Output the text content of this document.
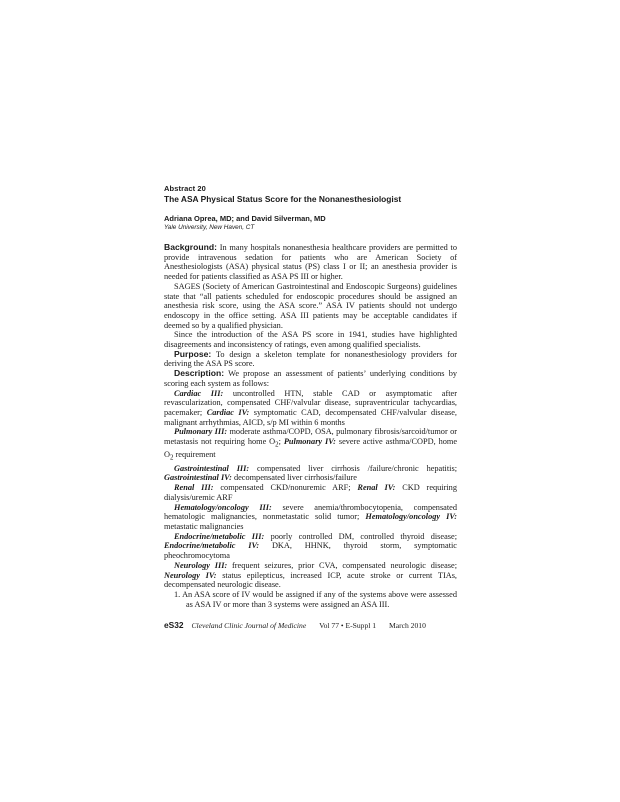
Abstract 20
The ASA Physical Status Score for the Nonanesthesiologist
Adriana Oprea, MD; and David Silverman, MD
Yale University, New Haven, CT

Background: In many hospitals nonanesthesia healthcare providers are permitted to provide intravenous sedation for patients who are American Society of Anesthesiologists (ASA) physical status (PS) class I or II; an anesthesia provider is needed for patients classified as ASA PS III or higher.

SAGES (Society of American Gastrointestinal and Endoscopic Surgeons) guidelines state that “all patients scheduled for endoscopic procedures should be assigned an anesthesia risk score, using the ASA score.” ASA IV patients should not undergo endoscopy in the office setting. ASA III patients may be acceptable candidates if deemed so by a qualified physician.

Since the introduction of the ASA PS score in 1941, studies have highlighted disagreements and inconsistency of ratings, even among qualified specialists.

Purpose: To design a skeleton template for nonanesthesiology providers for deriving the ASA PS score.

Description: We propose an assessment of patients’ underlying conditions by scoring each system as follows:

Cardiac III: uncontrolled HTN, stable CAD or asymptomatic after revascularization, compensated CHF/valvular disease, supraventricular tachycardias, pacemaker; Cardiac IV: symptomatic CAD, decompensated CHF/valvular disease, malignant arrhythmias, AICD, s/p MI within 6 months

Pulmonary III: moderate asthma/COPD, OSA, pulmonary fibrosis/sarcoid/tumor or metastasis not requiring home $O_2$; Pulmonary IV: severe active asthma/COPD, home $O_2$ requirement

Gastrointestinal III: compensated liver cirrhosis /failure/chronic hepatitis; Gastrointestinal IV: decompensated liver cirrhosis/failure

Renal III: compensated CKD/nonuremic ARF; Renal IV: CKD requiring dialysis/uremic ARF

Hematology/oncology III: severe anemia/thrombocytopenia, compensated hematologic malignancies, nonmetastatic solid tumor; Hematology/oncology IV: metastatic malignancies

Endocrine/metabolic III: poorly controlled DM, controlled thyroid disease; Endocrine/metabolic IV: DKA, HHNK, thyroid storm, symptomatic pheochromocytoma

Neurology III: frequent seizures, prior CVA, compensated neurologic disease; Neurology IV: status epilepticus, increased ICP, acute stroke or current TIAs, decompensated neurologic disease.

1. An ASA score of IV would be assigned if any of the systems above were assessed as ASA IV or more than 3 systems were assigned an ASA III.

eS32 Cleveland Clinic Journal of Medicine Vol 77 • E-Suppl 1 March 2010
